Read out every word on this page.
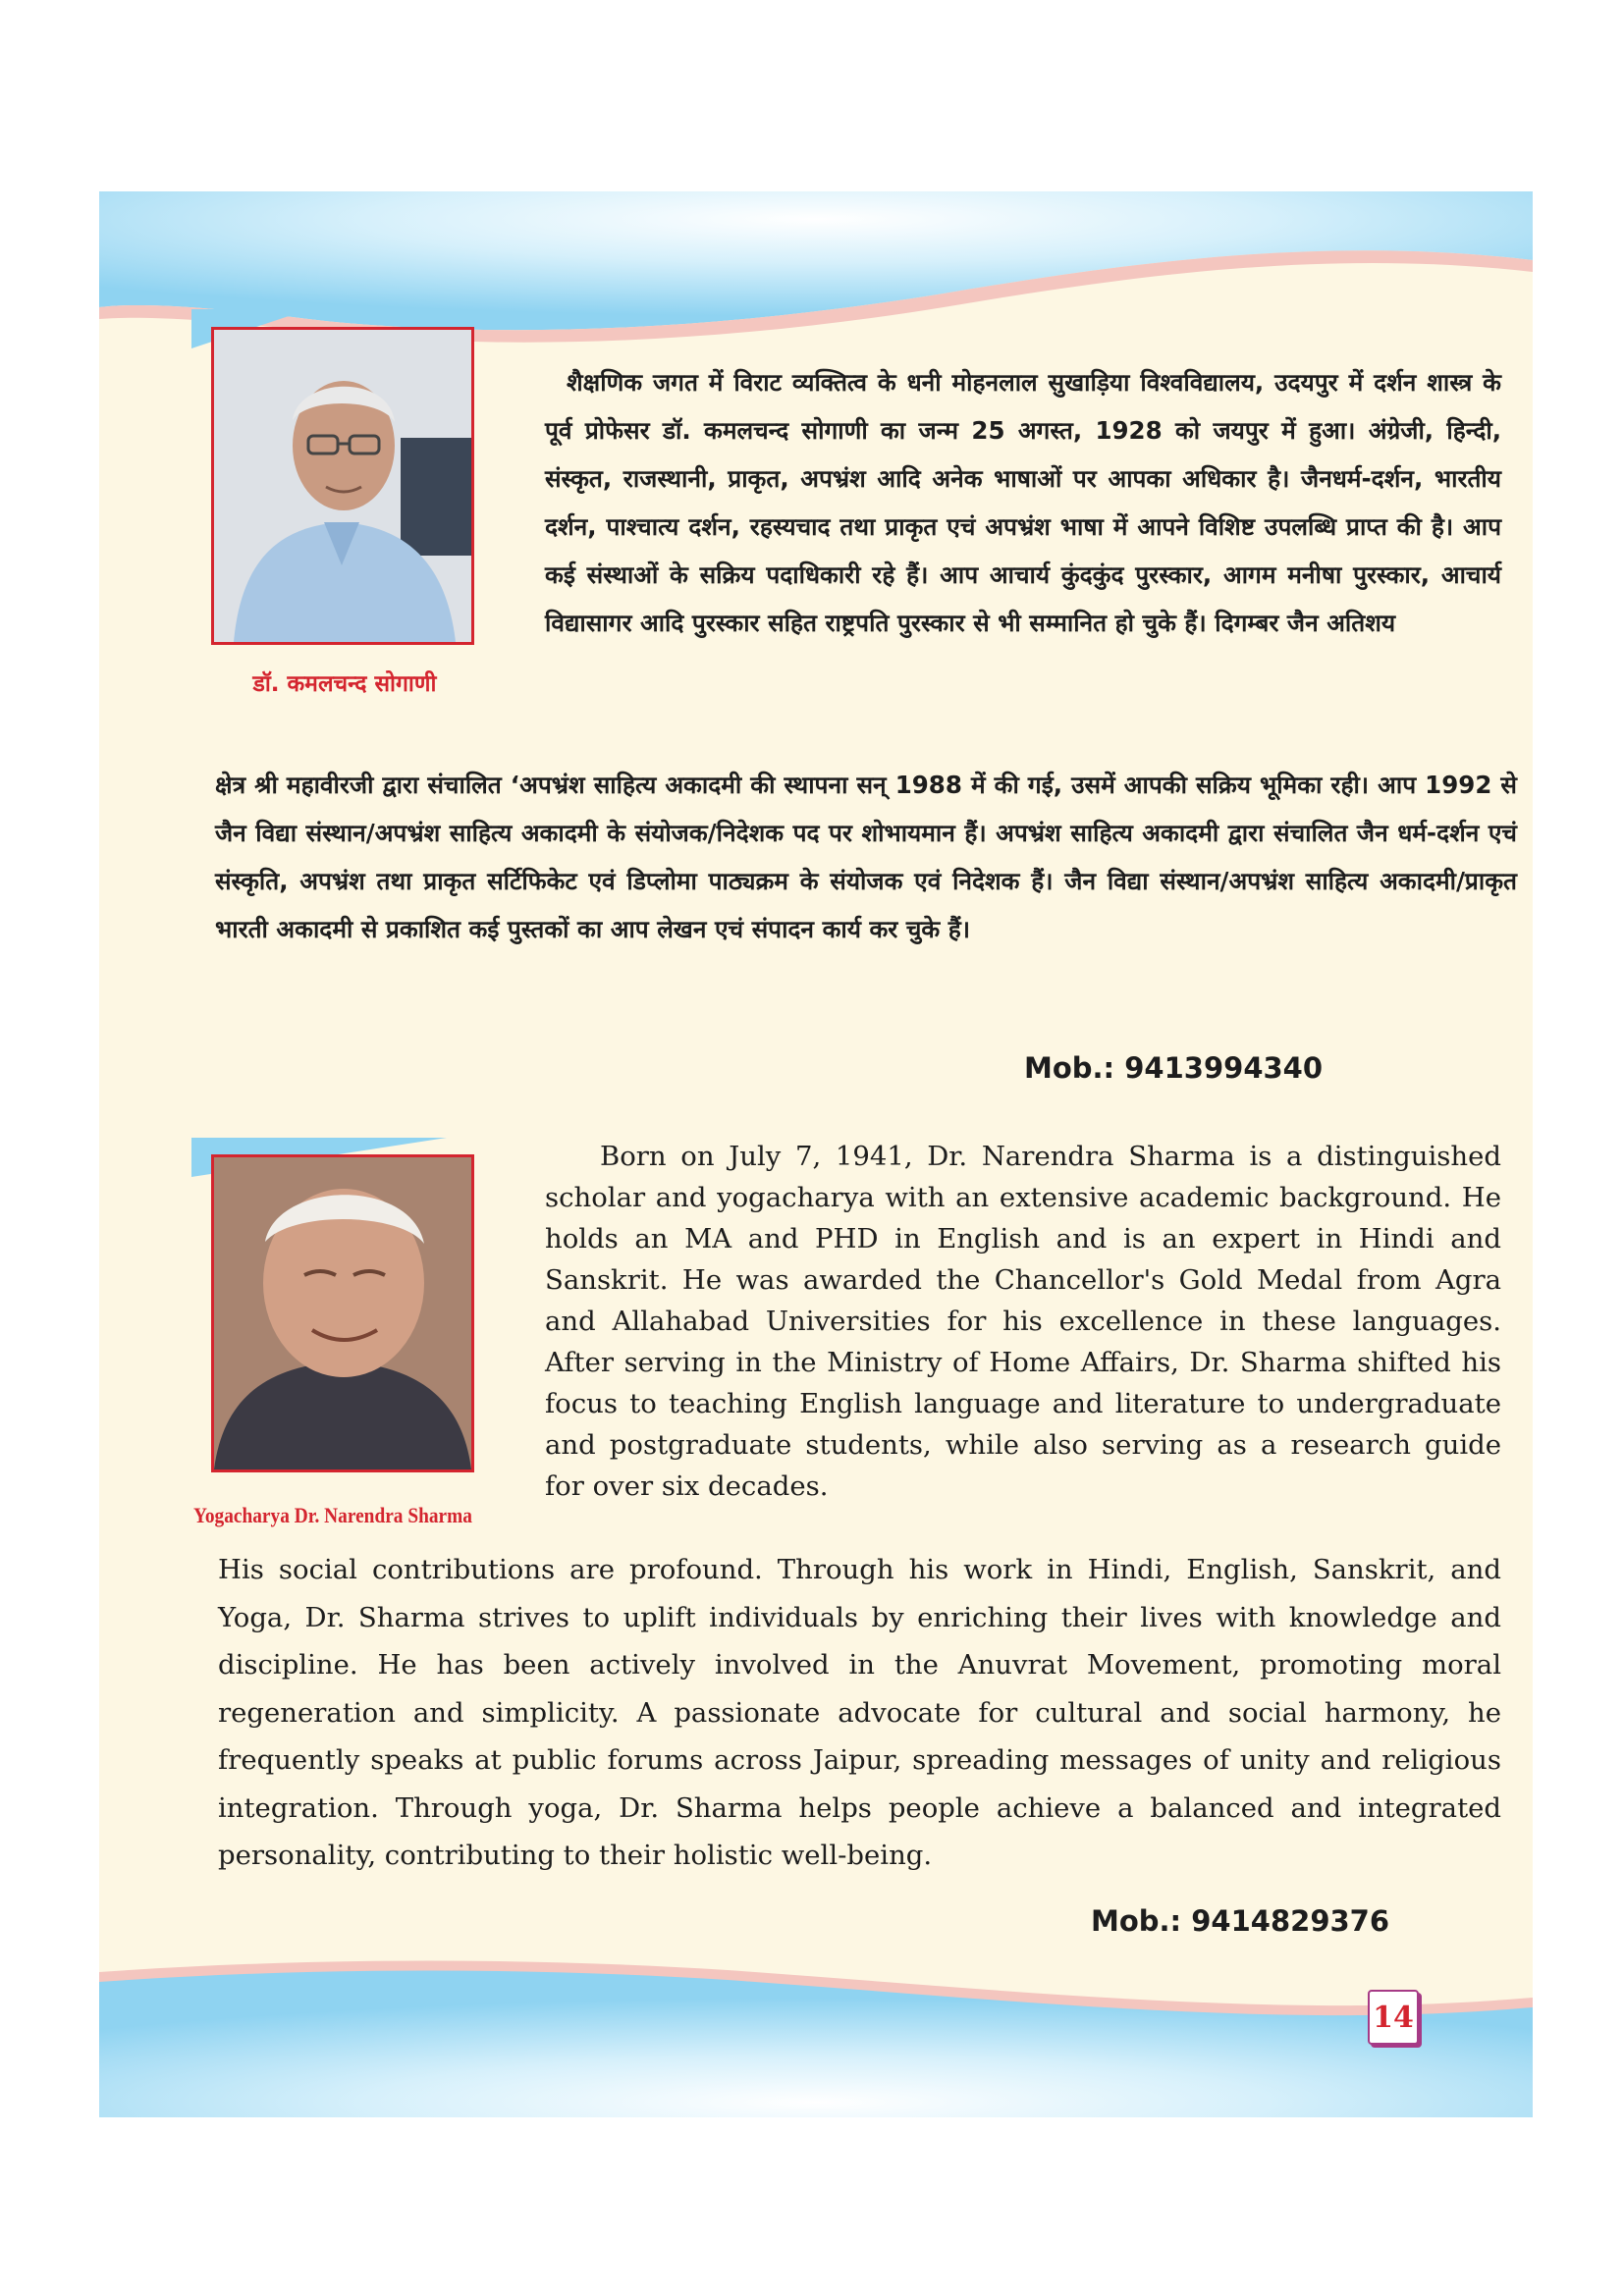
डॉ. कमलचन्द सोगाणी
शैक्षणिक जगत में विराट व्यक्तित्व के धनी मोहनलाल सुखाड़िया विश्वविद्यालय, उदयपुर में दर्शन शास्त्र के पूर्व प्रोफेसर डॉ. कमलचन्द सोगाणी का जन्म 25 अगस्त, 1928 को जयपुर में हुआ। अंग्रेजी, हिन्दी, संस्कृत, राजस्थानी, प्राकृत, अपभ्रंश आदि अनेक भाषाओं पर आपका अधिकार है। जैनधर्म-दर्शन, भारतीय दर्शन, पाश्चात्य दर्शन, रहस्यचाद तथा प्राकृत एचं अपभ्रंश भाषा में आपने विशिष्ट उपलब्धि प्राप्त की है। आप कई संस्थाओं के सक्रिय पदाधिकारी रहे हैं। आप आचार्य कुंदकुंद पुरस्कार, आगम मनीषा पुरस्कार, आचार्य विद्यासागर आदि पुरस्कार सहित राष्ट्रपति पुरस्कार से भी सम्मानित हो चुके हैं। दिगम्बर जैन अतिशय
क्षेत्र श्री महावीरजी द्वारा संचालित ‘अपभ्रंश साहित्य अकादमी की स्थापना सन् 1988 में की गई, उसमें आपकी सक्रिय भूमिका रही। आप 1992 से जैन विद्या संस्थान/अपभ्रंश साहित्य अकादमी के संयोजक/निदेशक पद पर शोभायमान हैं। अपभ्रंश साहित्य अकादमी द्वारा संचालित जैन धर्म-दर्शन एचं संस्कृति, अपभ्रंश तथा प्राकृत सर्टिफिकेट एवं डिप्लोमा पाठ्यक्रम के संयोजक एवं निदेशक हैं। जैन विद्या संस्थान/अपभ्रंश साहित्य अकादमी/प्राकृत भारती अकादमी से प्रकाशित कई पुस्तकों का आप लेखन एचं संपादन कार्य कर चुके हैं।
Mob.: 9413994340
Yogacharya Dr. Narendra Sharma
Born on July 7, 1941, Dr. Narendra Sharma is a distinguished scholar and yogacharya with an extensive academic background. He holds an MA and PHD in English and is an expert in Hindi and Sanskrit. He was awarded the Chancellor's Gold Medal from Agra and Allahabad Universities for his excellence in these languages. After serving in the Ministry of Home Affairs, Dr. Sharma shifted his focus to teaching English language and literature to undergraduate and postgraduate students, while also serving as a research guide for over six decades.
His social contributions are profound. Through his work in Hindi, English, Sanskrit, and Yoga, Dr. Sharma strives to uplift individuals by enriching their lives with knowledge and discipline. He has been actively involved in the Anuvrat Movement, promoting moral regeneration and simplicity. A passionate advocate for cultural and social harmony, he frequently speaks at public forums across Jaipur, spreading messages of unity and religious integration. Through yoga, Dr. Sharma helps people achieve a balanced and integrated personality, contributing to their holistic well-being.
Mob.: 9414829376
14
